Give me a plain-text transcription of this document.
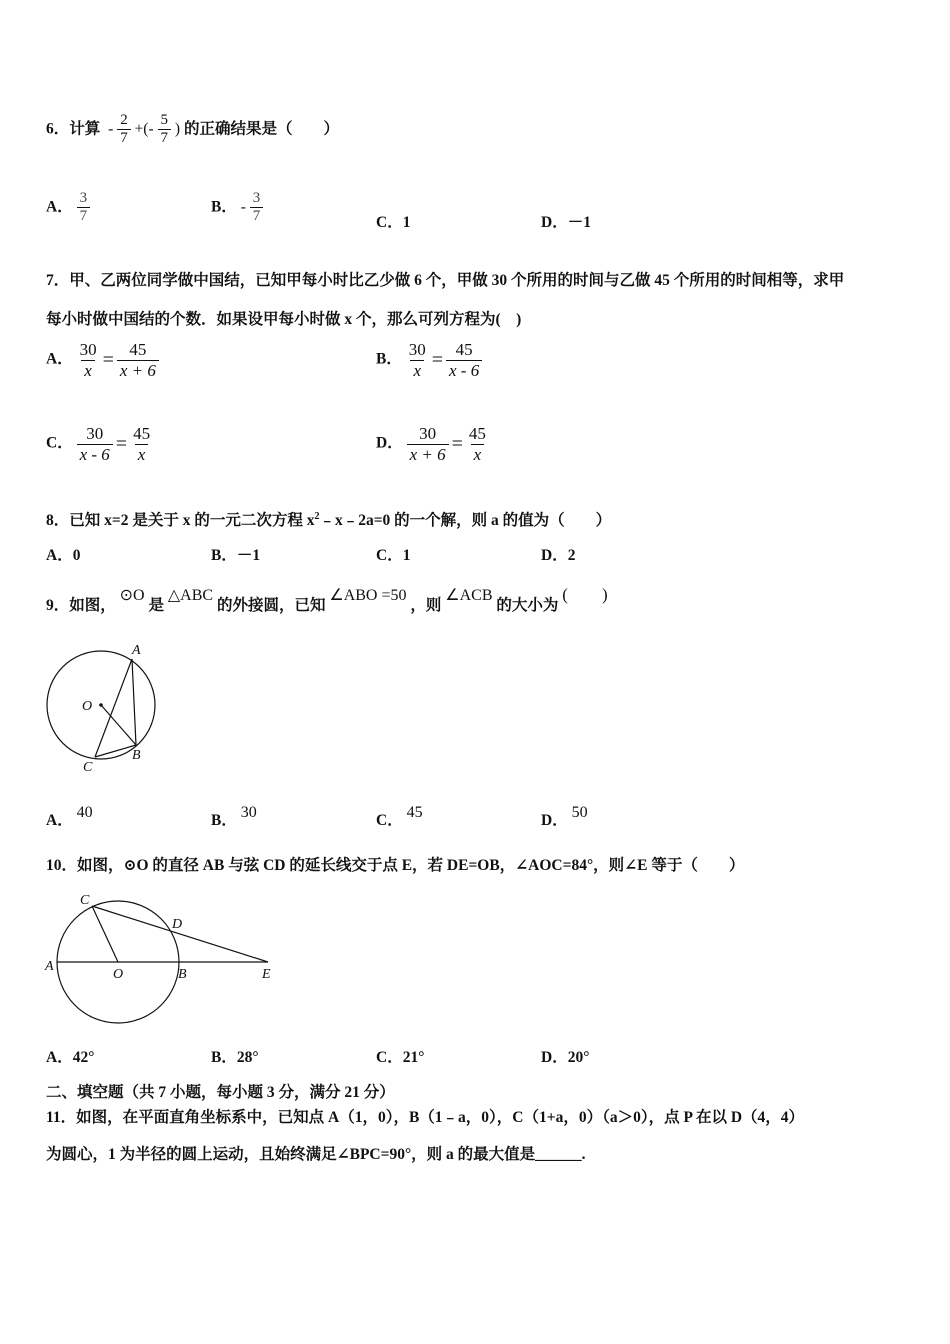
6．计算 - $\frac{2}{7}$ +(- $\frac{5}{7}$ ) 的正确结果是（　　）
A． $\frac{3}{7}$	B． - $\frac{3}{7}$	C．1	D．－1
7．甲、乙两位同学做中国结，已知甲每小时比乙少做 6 个，甲做 30 个所用的时间与乙做 45 个所用的时间相等，求甲
每小时做中国结的个数．如果设甲每小时做 x 个，那么可列方程为(　)
A． $\frac{30}{x} = \frac{45}{x + 6}$	B． $\frac{30}{x} = \frac{45}{x - 6}$
C． $\frac{30}{x - 6} = \frac{45}{x}$	D． $\frac{30}{x + 6} = \frac{45}{x}$
8．已知 x=2 是关于 x 的一元二次方程 $x^2﹣x﹣2a=0$ 的一个解，则 a 的值为（　　）
A．0	B．－1	C．1	D．2
9．如图， ⊙O 是 △ABC 的外接圆，已知 ∠ABO =50 ，则 ∠ACB 的大小为 (　　)
A
O
B
C
A． 40	B． 30	C． 45	D． 50
10．如图，⊙O 的直径 AB 与弦 CD 的延长线交于点 E，若 DE=OB，∠AOC=84°，则∠E 等于（　　）
C
D
A
O	B	E
A．42°	B．28°	C．21°	D．20°
二、填空题（共 7 小题，每小题 3 分，满分 21 分）
11．如图，在平面直角坐标系中，已知点 A（1，0），B（1﹣a，0），C（1+a，0）（a＞0），点 P 在以 D（4，4）
为圆心，1 为半径的圆上运动，且始终满足∠BPC=90°，则 a 的最大值是______.
